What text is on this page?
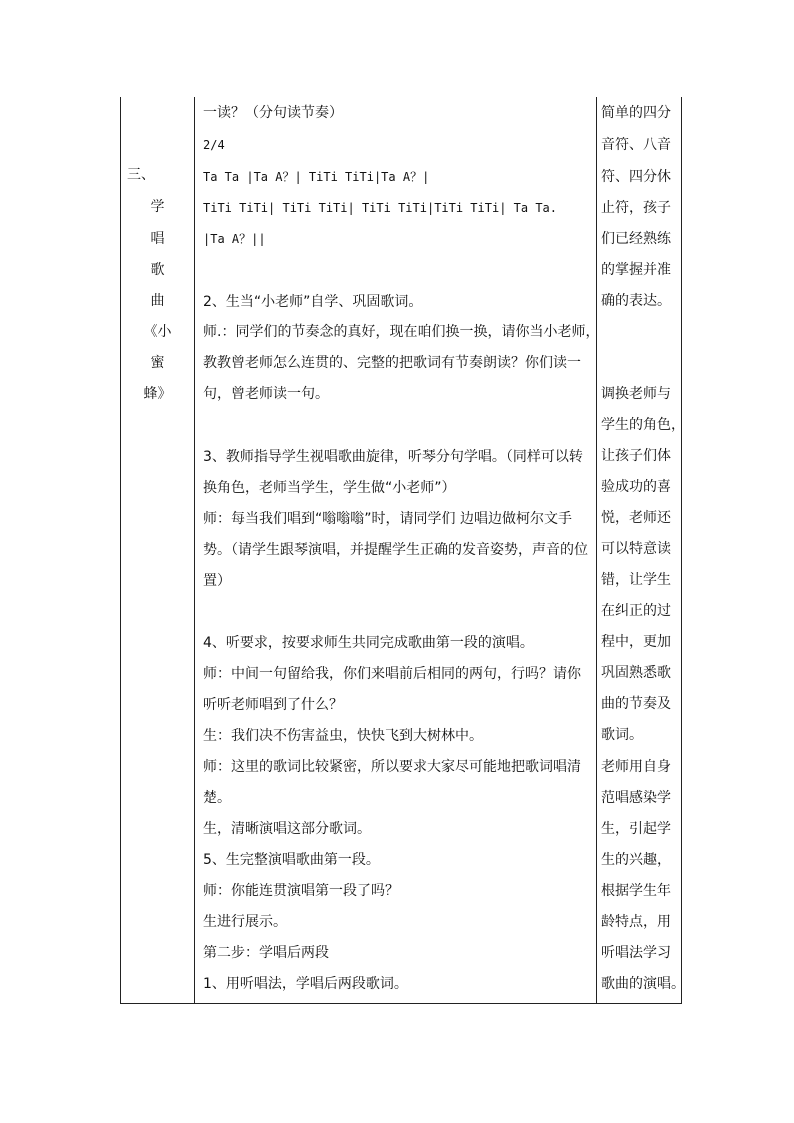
三、
学
唱
歌
曲
《小
蜜
蜂》
一读？（分句读节奏）
2/4
Ta Ta |Ta A？| TiTi TiTi|Ta A？|
TiTi TiTi| TiTi TiTi| TiTi TiTi|TiTi TiTi| Ta Ta.
|Ta A？||
2、生当“小老师”自学、巩固歌词。
师.：同学们的节奏念的真好，现在咱们换一换，请你当小老师，
教教曾老师怎么连贯的、完整的把歌词有节奏朗读？你们读一
句，曾老师读一句。
3、教师指导学生视唱歌曲旋律，听琴分句学唱。（同样可以转
换角色，老师当学生，学生做“小老师”）
师：每当我们唱到“嗡嗡嗡”时，请同学们 边唱边做柯尔文手
势。（请学生跟琴演唱，并提醒学生正确的发音姿势，声音的位
置）
4、听要求，按要求师生共同完成歌曲第一段的演唱。
师：中间一句留给我，你们来唱前后相同的两句，行吗？请你
听听老师唱到了什么？
生：我们决不伤害益虫，快快飞到大树林中。
师：这里的歌词比较紧密，所以要求大家尽可能地把歌词唱清
楚。
生，清晰演唱这部分歌词。
5、生完整演唱歌曲第一段。
师：你能连贯演唱第一段了吗？
生进行展示。
第二步：学唱后两段
1、用听唱法，学唱后两段歌词。
简单的四分
音符、八音
符、四分休
止符，孩子
们已经熟练
的掌握并准
确的表达。
调换老师与
学生的角色，
让孩子们体
验成功的喜
悦，老师还
可以特意读
错，让学生
在纠正的过
程中，更加
巩固熟悉歌
曲的节奏及
歌词。
老师用自身
范唱感染学
生，引起学
生的兴趣，
根据学生年
龄特点，用
听唱法学习
歌曲的演唱。
